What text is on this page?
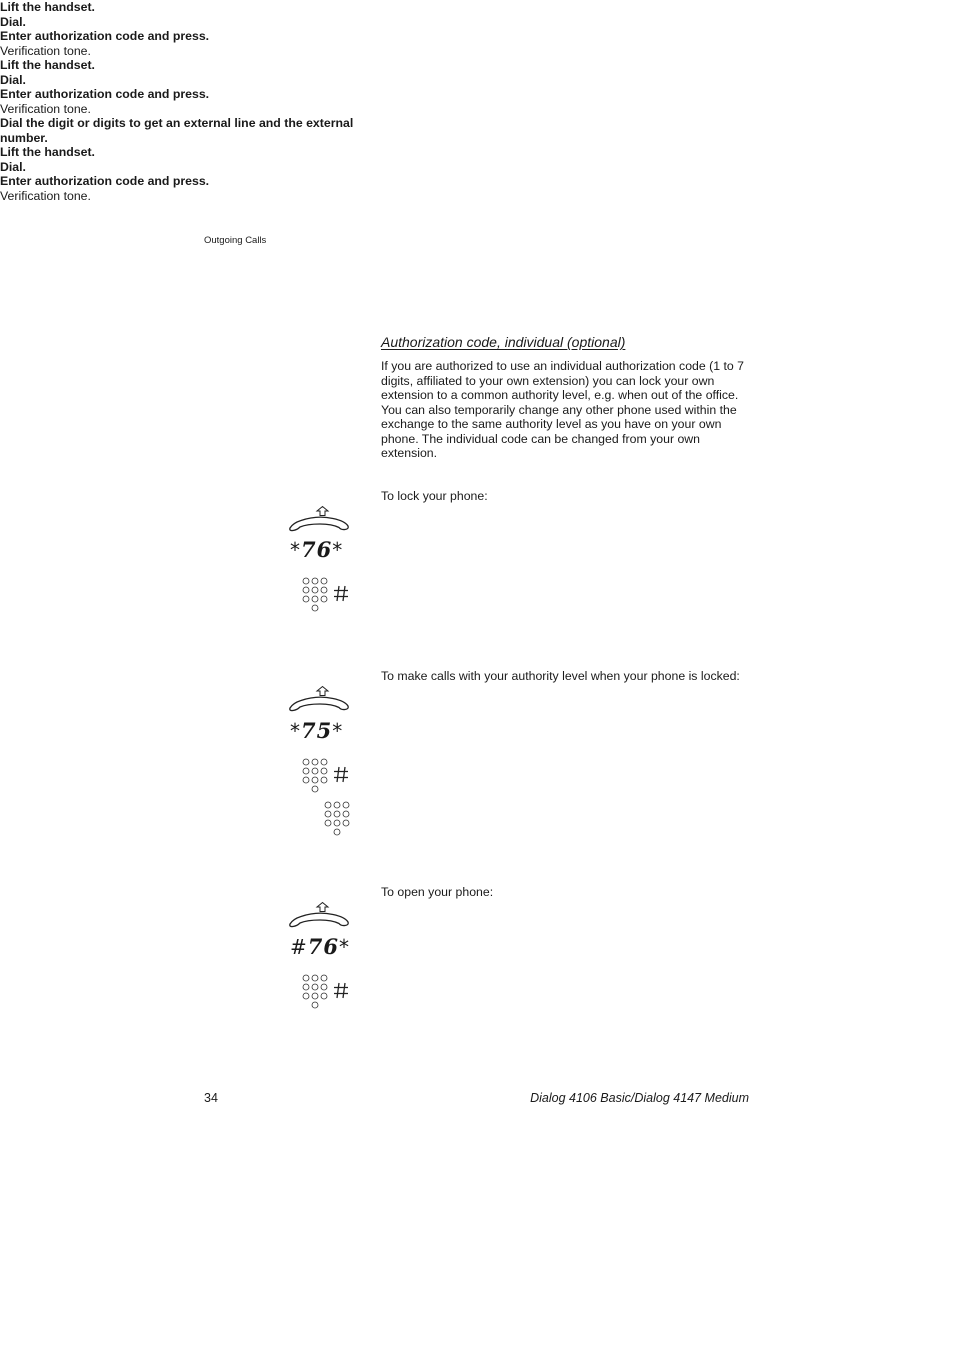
Outgoing Calls
Authorization code, individual (optional)
If you are authorized to use an individual authorization code (1 to 7 digits, affiliated to your own extension) you can lock your own extension to a common authority level, e.g. when out of the office. You can also temporarily change any other phone used within the exchange to the same authority level as you have on your own phone. The individual code can be changed from your own extension.
To lock your phone:
Lift the handset.
*76*
Dial.
Enter authorization code and press.
Verification tone.
To make calls with your authority level when your phone is locked:
Lift the handset.
*75*
Dial.
Enter authorization code and press.
Verification tone.
Dial the digit or digits to get an external line and the external number.
To open your phone:
Lift the handset.
#76*
Dial.
Enter authorization code and press.
Verification tone.
34	Dialog 4106 Basic/Dialog 4147 Medium
